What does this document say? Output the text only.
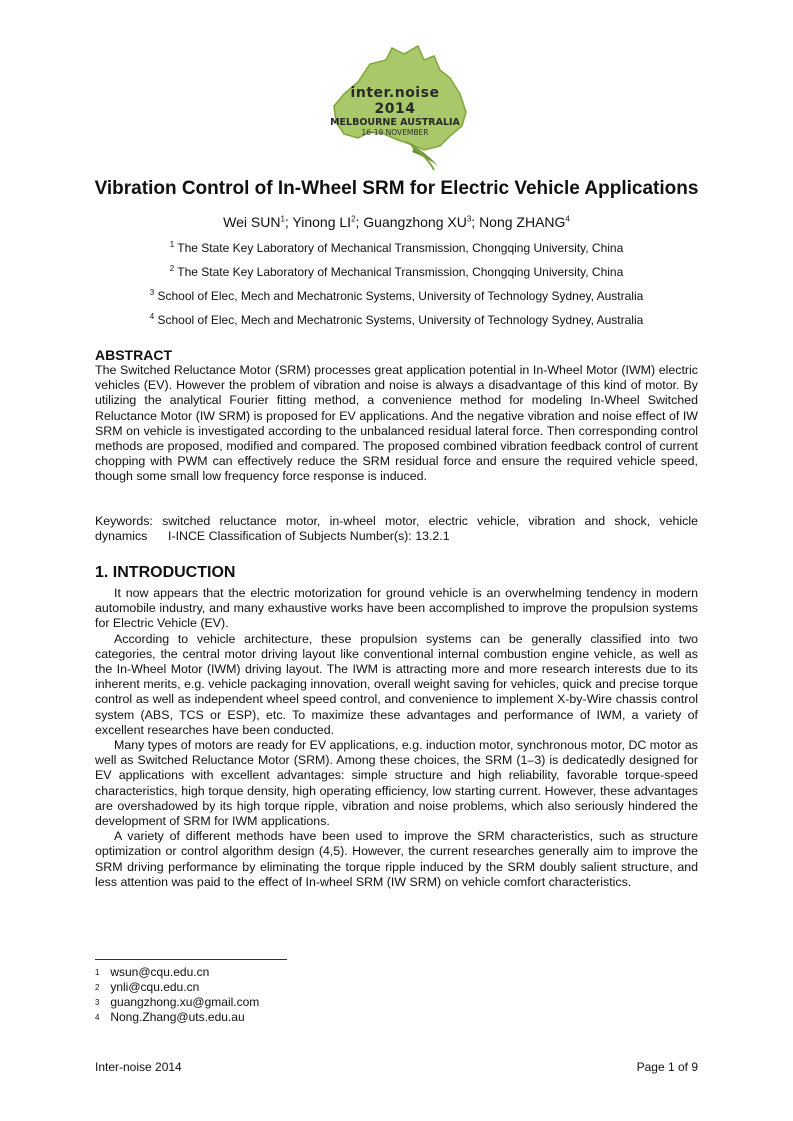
inter.noise 2014
MELBOURNE AUSTRALIA
16-19 NOVEMBER
Vibration Control of In-Wheel SRM for Electric Vehicle Applications
Wei SUN$^1$; Yinong $LI^2$; Guangzhong $XU^3$; Nong ZHANG$^4$
$^1$ The State Key Laboratory of Mechanical Transmission, Chongqing University, China
$^2$ The State Key Laboratory of Mechanical Transmission, Chongqing University, China
$^3$ School of Elec, Mech and Mechatronic Systems, University of Technology Sydney, Australia
$^4$ School of Elec, Mech and Mechatronic Systems, University of Technology Sydney, Australia
ABSTRACT

The Switched Reluctance Motor (SRM) processes great application potential in In-Wheel Motor (IWM) electric vehicles (EV). However the problem of vibration and noise is always a disadvantage of this kind of motor. By utilizing the analytical Fourier fitting method, a convenience method for modeling In-Wheel Switched Reluctance Motor (IW SRM) is proposed for EV applications. And the negative vibration and noise effect of IW SRM on vehicle is investigated according to the unbalanced residual lateral force. Then corresponding control methods are proposed, modified and compared. The proposed combined vibration feedback control of current chopping with PWM can effectively reduce the SRM residual force and ensure the required vehicle speed, though some small low frequency force response is induced.

Keywords: switched reluctance motor, in-wheel motor, electric vehicle, vibration and shock, vehicle dynamics I-INCE Classification of Subjects Number(s): 13.2.1

1. INTRODUCTION

It now appears that the electric motorization for ground vehicle is an overwhelming tendency in modern automobile industry, and many exhaustive works have been accomplished to improve the propulsion systems for Electric Vehicle (EV).

According to vehicle architecture, these propulsion systems can be generally classified into two categories, the central motor driving layout like conventional internal combustion engine vehicle, as well as the In-Wheel Motor (IWM) driving layout. The IWM is attracting more and more research interests due to its inherent merits, e.g. vehicle packaging innovation, overall weight saving for vehicles, quick and precise torque control as well as independent wheel speed control, and convenience to implement X-by-Wire chassis control system (ABS, TCS or ESP), etc. To maximize these advantages and performance of IWM, a variety of excellent researches have been conducted.

Many types of motors are ready for EV applications, e.g. induction motor, synchronous motor, DC motor as well as Switched Reluctance Motor (SRM). Among these choices, the SRM (1–3) is dedicatedly designed for EV applications with excellent advantages: simple structure and high reliability, favorable torque-speed characteristics, high torque density, high operating efficiency, low starting current. However, these advantages are overshadowed by its high torque ripple, vibration and noise problems, which also seriously hindered the development of SRM for IWM applications.

A variety of different methods have been used to improve the SRM characteristics, such as structure optimization or control algorithm design (4,5). However, the current researches generally aim to improve the SRM driving performance by eliminating the torque ripple induced by the SRM doubly salient structure, and less attention was paid to the effect of In-wheel SRM (IW SRM) on vehicle comfort characteristics.

1 wsun@cqu.edu.cn
2 ynli@cqu.edu.cn
3 guangzhong.xu@gmail.com
4 Nong.Zhang@uts.edu.au
Inter-noise 2014	Page 1 of 9
